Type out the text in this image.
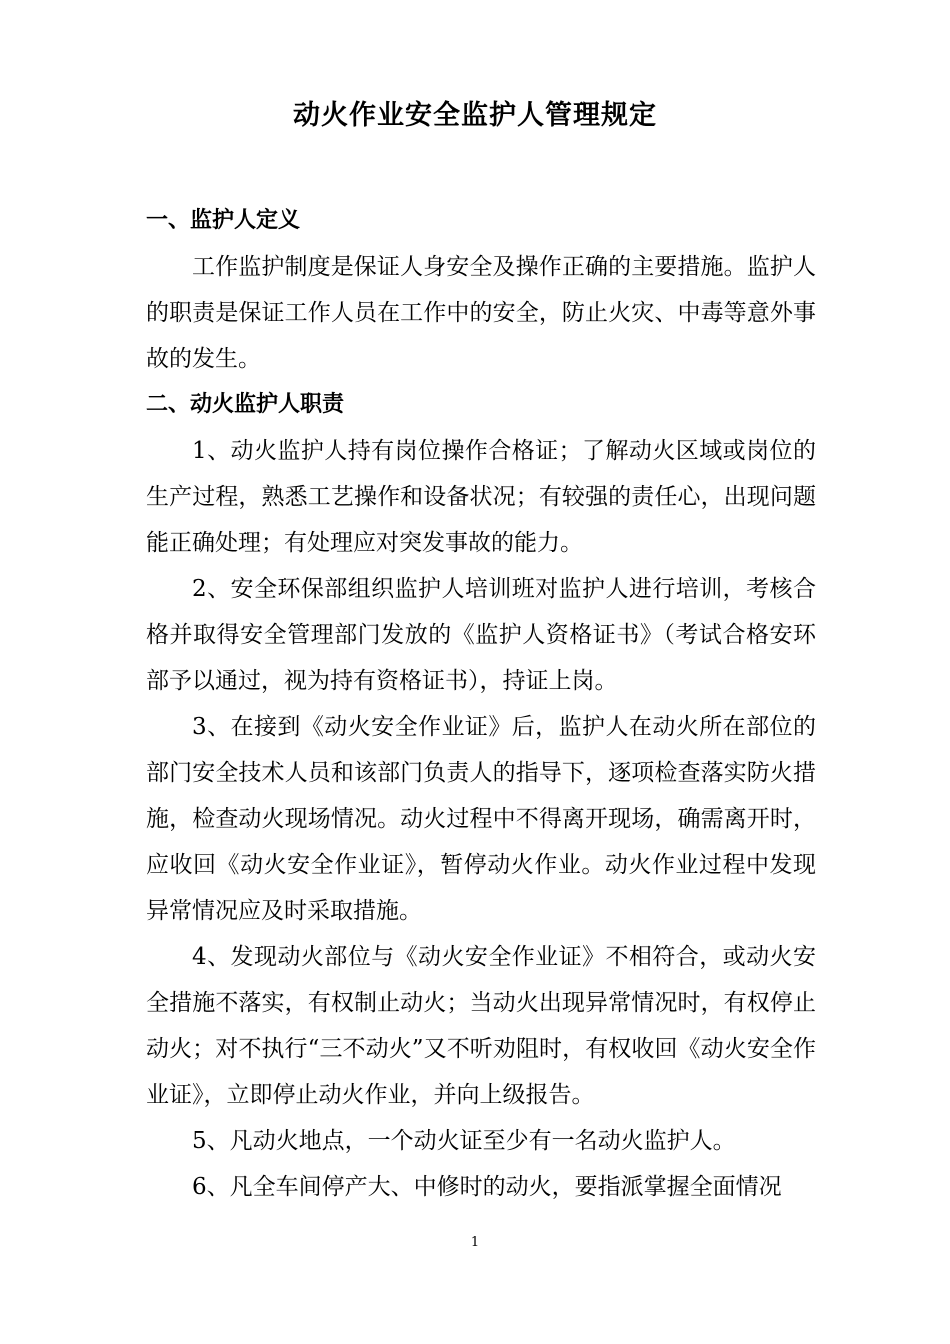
动火作业安全监护人管理规定
一、监护人定义

工作监护制度是保证人身安全及操作正确的主要措施。监护人的职责是保证工作人员在工作中的安全，防止火灾、中毒等意外事故的发生。

二、动火监护人职责

1、动火监护人持有岗位操作合格证；了解动火区域或岗位的生产过程，熟悉工艺操作和设备状况；有较强的责任心，出现问题能正确处理；有处理应对突发事故的能力。

2、安全环保部组织监护人培训班对监护人进行培训，考核合格并取得安全管理部门发放的《监护人资格证书》（考试合格安环部予以通过，视为持有资格证书），持证上岗。

3、在接到《动火安全作业证》后，监护人在动火所在部位的部门安全技术人员和该部门负责人的指导下，逐项检查落实防火措施，检查动火现场情况。动火过程中不得离开现场，确需离开时，应收回《动火安全作业证》，暂停动火作业。动火作业过程中发现异常情况应及时采取措施。

4、发现动火部位与《动火安全作业证》不相符合，或动火安全措施不落实，有权制止动火；当动火出现异常情况时，有权停止动火；对不执行“三不动火”又不听劝阻时，有权收回《动火安全作业证》，立即停止动火作业，并向上级报告。

5、凡动火地点，一个动火证至少有一名动火监护人。

6、凡全车间停产大、中修时的动火，要指派掌握全面情况

1
